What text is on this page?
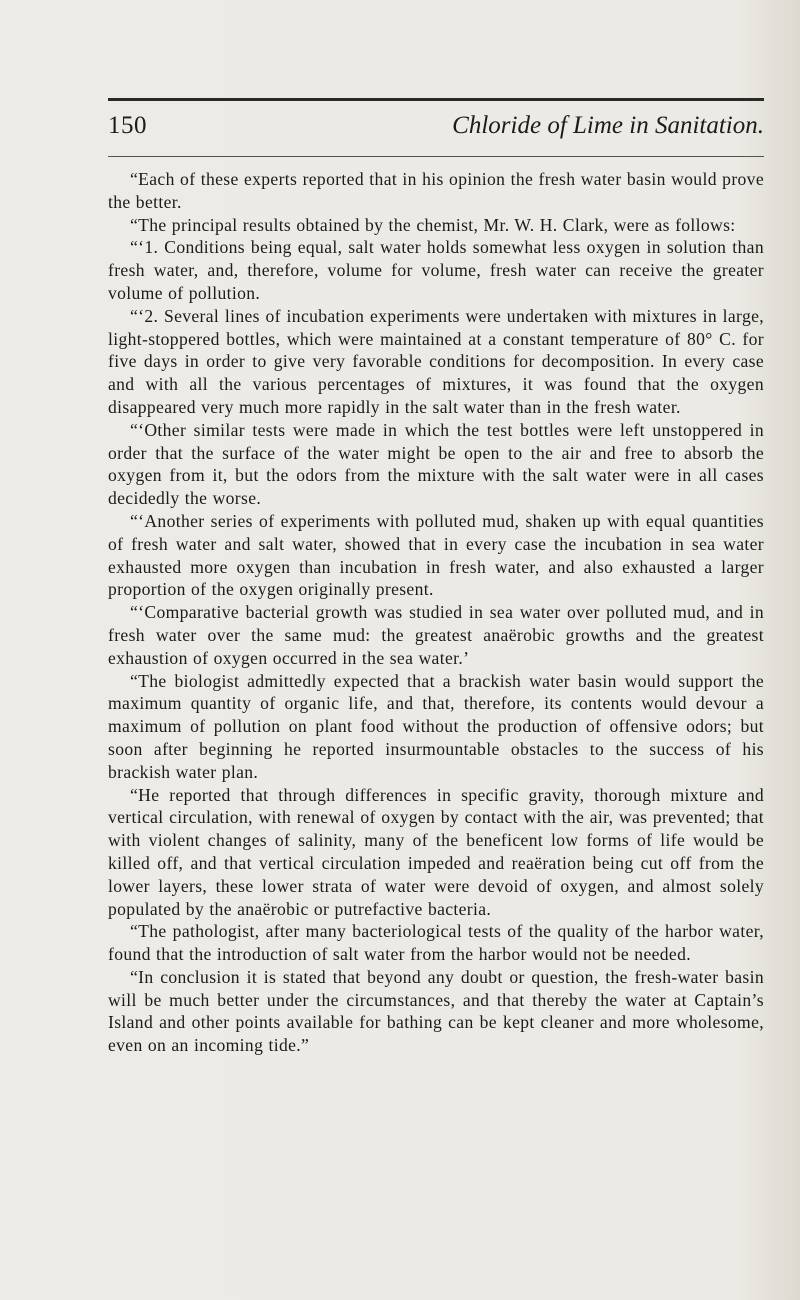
150	Chloride of Lime in Sanitation.

“Each of these experts reported that in his opinion the fresh water basin would prove the better.

“The principal results obtained by the chemist, Mr. W. H. Clark, were as follows:

“‘1. Conditions being equal, salt water holds somewhat less oxygen in solution than fresh water, and, therefore, volume for volume, fresh water can receive the greater volume of pollution.

“‘2. Several lines of incubation experiments were undertaken with mixtures in large, light-stoppered bottles, which were maintained at a constant temperature of 80° C. for five days in order to give very favorable conditions for decomposition. In every case and with all the various percentages of mixtures, it was found that the oxygen disappeared very much more rapidly in the salt water than in the fresh water.

“‘Other similar tests were made in which the test bottles were left unstoppered in order that the surface of the water might be open to the air and free to absorb the oxygen from it, but the odors from the mixture with the salt water were in all cases decidedly the worse.

“‘Another series of experiments with polluted mud, shaken up with equal quantities of fresh water and salt water, showed that in every case the incubation in sea water exhausted more oxygen than incubation in fresh water, and also exhausted a larger proportion of the oxygen originally present.

“‘Comparative bacterial growth was studied in sea water over polluted mud, and in fresh water over the same mud: the greatest anaërobic growths and the greatest exhaustion of oxygen occurred in the sea water.’

“The biologist admittedly expected that a brackish water basin would support the maximum quantity of organic life, and that, therefore, its contents would devour a maximum of pollution on plant food without the production of offensive odors; but soon after beginning he reported insurmountable obstacles to the success of his brackish water plan.

“He reported that through differences in specific gravity, thorough mixture and vertical circulation, with renewal of oxygen by contact with the air, was prevented; that with violent changes of salinity, many of the beneficent low forms of life would be killed off, and that vertical circulation impeded and reaëration being cut off from the lower layers, these lower strata of water were devoid of oxygen, and almost solely populated by the anaërobic or putrefactive bacteria.

“The pathologist, after many bacteriological tests of the quality of the harbor water, found that the introduction of salt water from the harbor would not be needed.

“In conclusion it is stated that beyond any doubt or question, the fresh-water basin will be much better under the circumstances, and that thereby the water at Captain’s Island and other points available for bathing can be kept cleaner and more wholesome, even on an incoming tide.”
